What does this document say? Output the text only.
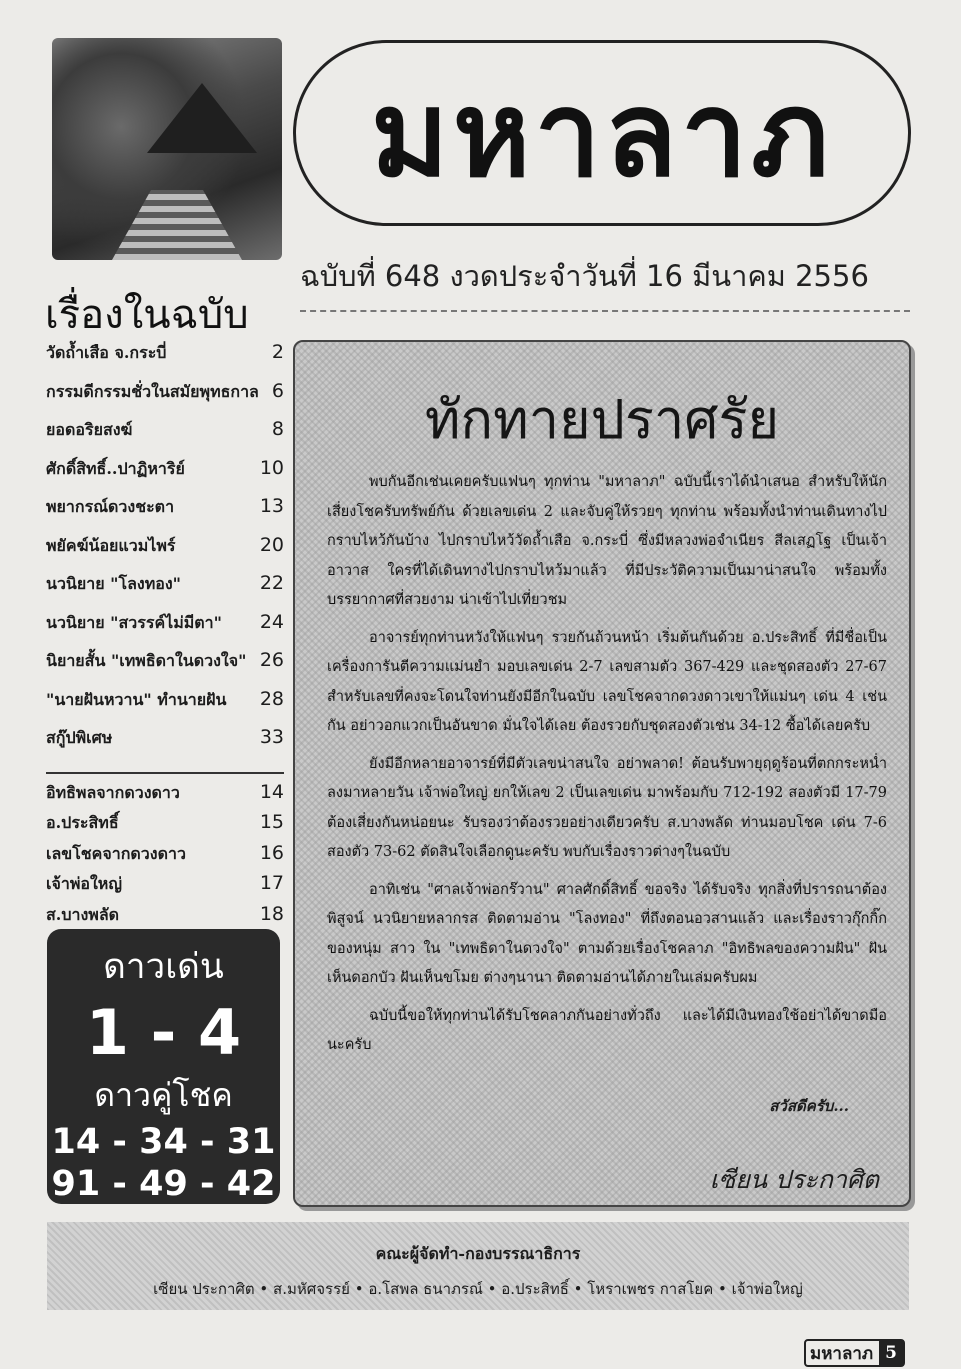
มหาลาภ
ฉบับที่ 648 งวดประจำวันที่ 16 มีนาคม 2556
เรื่องในฉบับ
วัดถ้ำเสือ จ.กระบี่	2
กรรมดีกรรมชั่วในสมัยพุทธกาล 6
ยอดอริยสงฆ์	8
ศักดิ์สิทธิ์..ปาฏิหาริย์	10
พยากรณ์ดวงชะตา	13
พยัคฆ์น้อยแวมไพร์	20
นวนิยาย "โลงทอง"	22
นวนิยาย "สวรรค์ไม่มีตา" 24
นิยายสั้น "เทพธิดาในดวงใจ" 26
"นายฝันหวาน" ทำนายฝัน 28
สกู๊ปพิเศษ	33
อิทธิพลจากดวงดาว	14
อ.ประสิทธิ์	15
เลขโชคจากดวงดาว	16
เจ้าพ่อใหญ่	17
ส.บางพลัด	18
ดาวเด่น
1 - 4
ดาวคู่โชค
14 - 34 - 31
91 - 49 - 42
ทักทายปราศรัย

พบกันอีกเช่นเคยครับแฟนๆ ทุกท่าน "มหาลาภ" ฉบับนี้เราได้นำเสนอ สำหรับให้นักเสี่ยงโชครับทรัพย์กัน ด้วยเลขเด่น 2 และจับคู่ให้รวยๆ ทุกท่าน พร้อมทั้งนำท่านเดินทางไปกราบไหว้กันบ้าง ไปกราบไหว้วัดถ้ำเสือ จ.กระบี่ ซึ่งมีหลวงพ่อจำเนียร สีลเสฏโฐ เป็นเจ้าอาวาส ใครที่ได้เดินทางไปกราบไหว้มาแล้ว ที่มีประวัติความเป็นมาน่าสนใจ พร้อมทั้งบรรยากาศที่สวยงาม น่าเข้าไปเที่ยวชม

อาจารย์ทุกท่านหวังให้แฟนๆ รวยกันถ้วนหน้า เริ่มต้นกันด้วย อ.ประสิทธิ์ ที่มีชื่อเป็นเครื่องการันตีความแม่นยำ มอบเลขเด่น 2-7 เลขสามตัว 367-429 และชุดสองตัว 27-67 สำหรับเลขที่คงจะโดนใจท่านยังมีอีกในฉบับ เลขโชคจากดวงดาวเขาให้แม่นๆ เด่น 4 เช่นกัน อย่าวอกแวกเป็นอันขาด มั่นใจได้เลย ต้องรวยกับชุดสองตัวเช่น 34-12 ซื้อได้เลยครับ

ยังมีอีกหลายอาจารย์ที่มีตัวเลขน่าสนใจ อย่าพลาด! ต้อนรับพายุฤดูร้อนที่ตกกระหน่ำลงมาหลายวัน เจ้าพ่อใหญ่ ยกให้เลข 2 เป็นเลขเด่น มาพร้อมกับ 712-192 สองตัวมี 17-79 ต้องเสี่ยงกันหน่อยนะ รับรองว่าต้องรวยอย่างเดียวครับ ส.บางพลัด ท่านมอบโชค เด่น 7-6 สองตัว 73-62 ตัดสินใจเลือกดูนะครับ พบกับเรื่องราวต่างๆในฉบับ

อาทิเช่น "ศาลเจ้าพ่อกร๊วาน" ศาลศักดิ์สิทธิ์ ขอจริง ได้รับจริง ทุกสิ่งที่ปรารถนาต้องพิสูจน์ นวนิยายหลากรส ติดตามอ่าน "โลงทอง" ที่ถึงตอนอวสานแล้ว และเรื่องราวกุ๊กกิ๊กของหนุ่ม สาว ใน "เทพธิดาในดวงใจ" ตามด้วยเรื่องโชคลาภ "อิทธิพลของความฝัน" ฝันเห็นดอกบัว ฝันเห็นขโมย ต่างๆนานา ติดตามอ่านได้ภายในเล่มครับผม

ฉบับนี้ขอให้ทุกท่านได้รับโชคลาภกันอย่างทั่วถึง และได้มีเงินทองใช้อย่าได้ขาดมือนะครับ

สวัสดีครับ...
เซียน ประกาศิต
คณะผู้จัดทำ-กองบรรณาธิการ
เซียน ประกาศิต • ส.มหัศจรรย์ • อ.โสพล ธนาภรณ์ • อ.ประสิทธิ์ • โหราเพชร กาสโยค • เจ้าพ่อใหญ่
มหาลาภ 5
